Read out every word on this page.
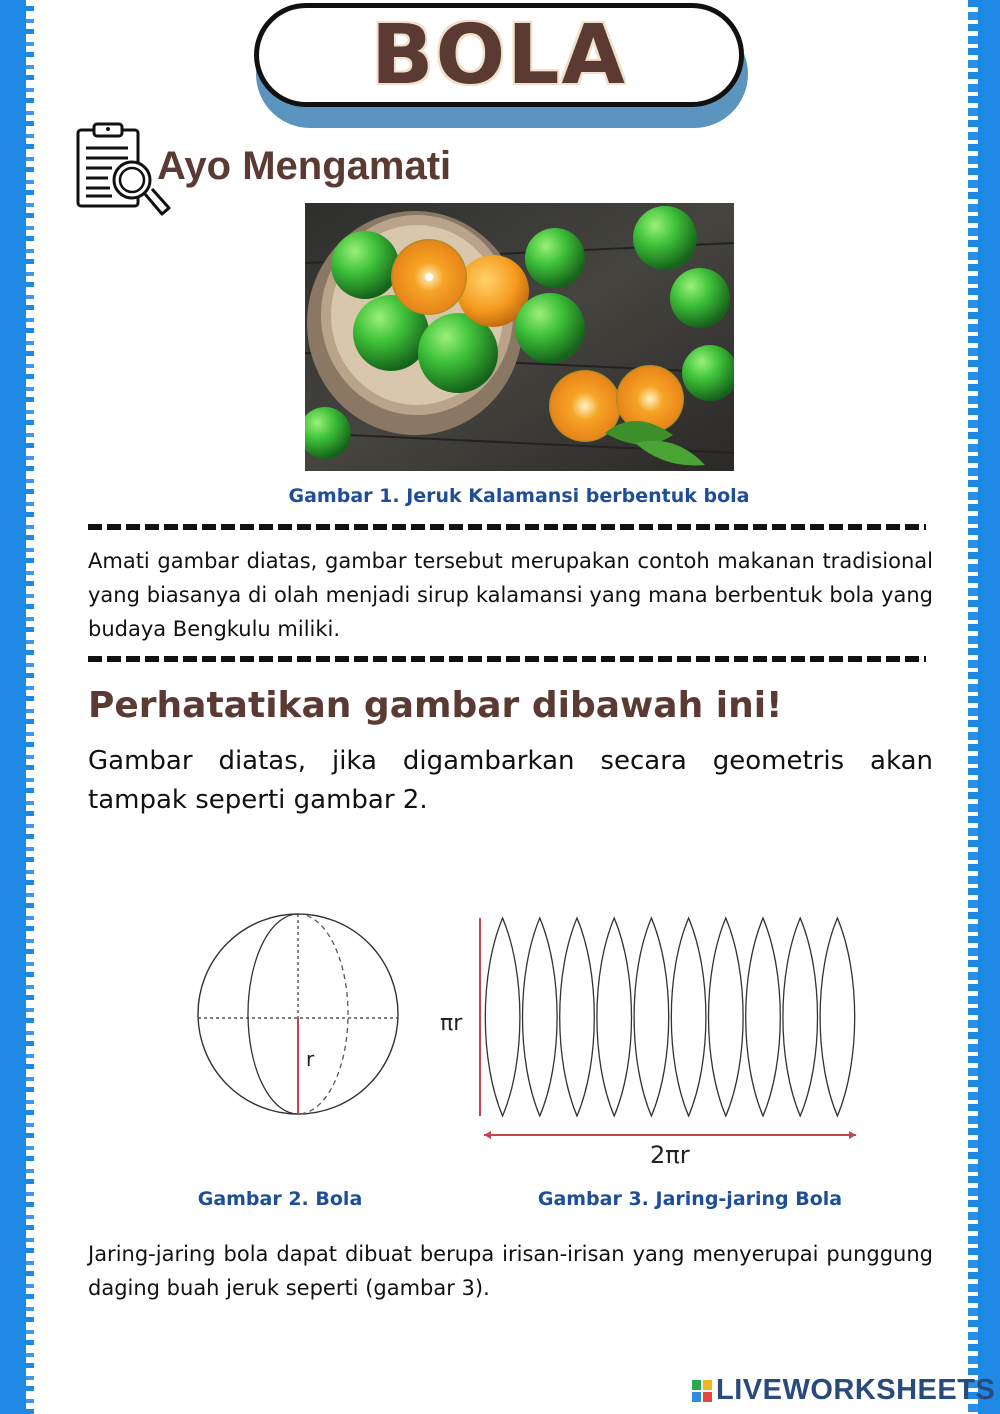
BOLA
Ayo Mengamati
Gambar 1. Jeruk Kalamansi berbentuk bola
Amati gambar diatas, gambar tersebut merupakan contoh makanan tradisional yang biasanya di olah menjadi sirup kalamansi yang mana berbentuk bola yang budaya Bengkulu miliki.
Perhatatikan gambar dibawah ini!
Gambar diatas, jika digambarkan secara geometris akan tampak seperti gambar 2.
r
πr
2πr
Gambar 2. Bola	Gambar 3. Jaring-jaring Bola
Jaring-jaring bola dapat dibuat berupa irisan-irisan yang menyerupai punggung daging buah jeruk seperti (gambar 3).
LIVEWORKSHEETS
